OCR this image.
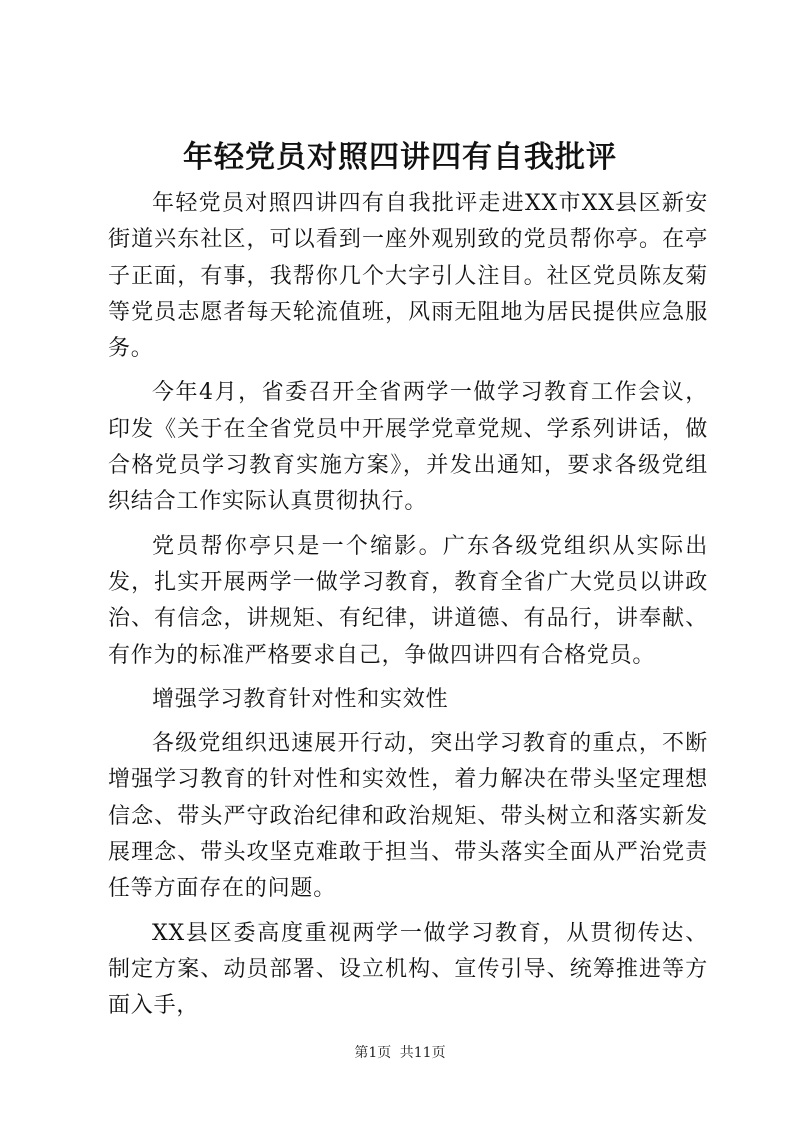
年轻党员对照四讲四有自我批评

年轻党员对照四讲四有自我批评走进XX市XX县区新安街道兴东社区，可以看到一座外观别致的党员帮你亭。在亭子正面，有事，我帮你几个大字引人注目。社区党员陈友菊等党员志愿者每天轮流值班，风雨无阻地为居民提供应急服务。

今年4月，省委召开全省两学一做学习教育工作会议，印发《关于在全省党员中开展学党章党规、学系列讲话，做合格党员学习教育实施方案》，并发出通知，要求各级党组织结合工作实际认真贯彻执行。

党员帮你亭只是一个缩影。广东各级党组织从实际出发，扎实开展两学一做学习教育，教育全省广大党员以讲政治、有信念，讲规矩、有纪律，讲道德、有品行，讲奉献、有作为的标准严格要求自己，争做四讲四有合格党员。

增强学习教育针对性和实效性

各级党组织迅速展开行动，突出学习教育的重点，不断增强学习教育的针对性和实效性，着力解决在带头坚定理想信念、带头严守政治纪律和政治规矩、带头树立和落实新发展理念、带头攻坚克难敢于担当、带头落实全面从严治党责任等方面存在的问题。

XX县区委高度重视两学一做学习教育，从贯彻传达、制定方案、动员部署、设立机构、宣传引导、统筹推进等方面入手，

第1页 共11页
